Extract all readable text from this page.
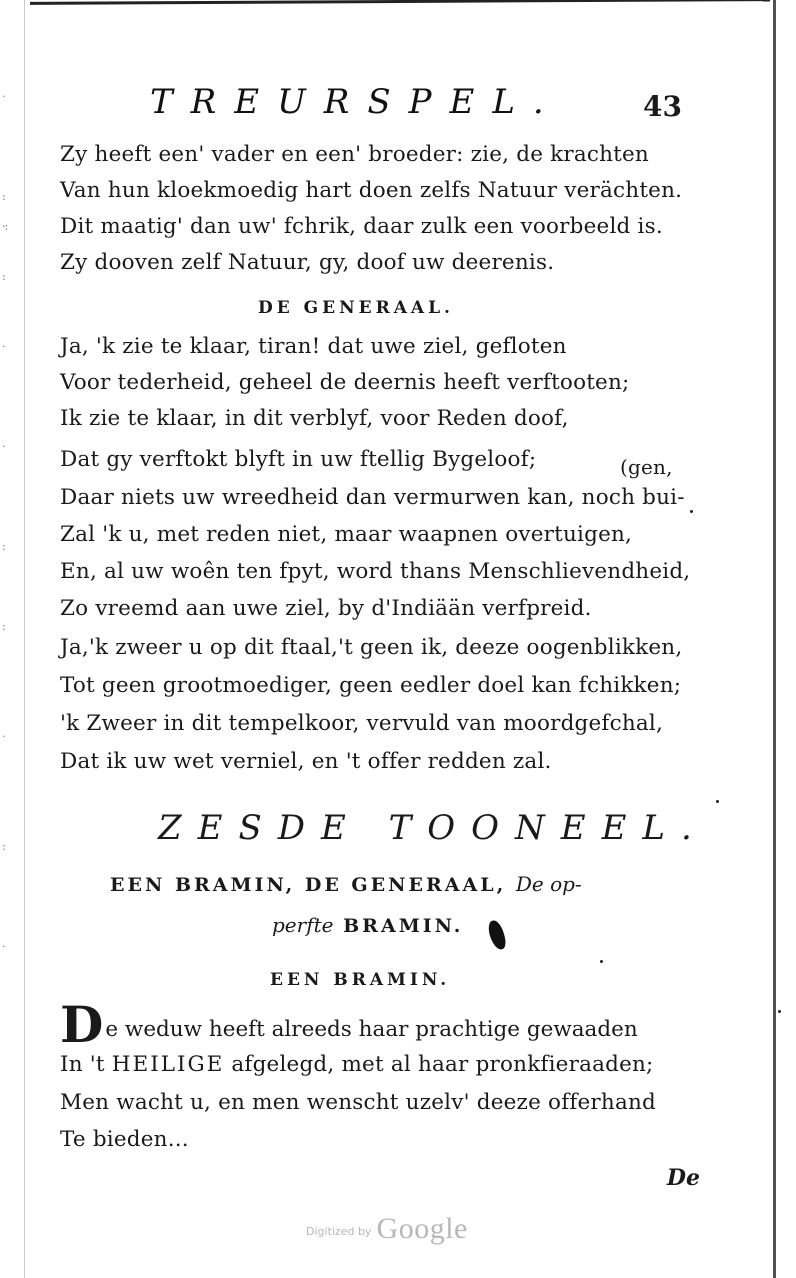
·
:
·:
:
·
·
:
:
·
:
·
TREURSPEL.	43
Zy heeft een' vader en een' broeder: zie, de krachten
Van hun kloekmoedig hart doen zelfs Natuur verächten.
Dit maatig' dan uw' fchrik, daar zulk een voorbeeld is.
Zy dooven zelf Natuur, gy, doof uw deerenis.
DE GENERAAL.
Ja, 'k zie te klaar, tiran! dat uwe ziel, gefloten
Voor tederheid, geheel de deernis heeft verftooten;
Ik zie te klaar, in dit verblyf, voor Reden doof,
Dat gy verftokt blyft in uw ftellig Bygeloof;	(gen,
Daar niets uw wreedheid dan vermurwen kan, noch bui-
Zal 'k u, met reden niet, maar waapnen overtuigen,
En, al uw woên ten fpyt, word thans Menschlievendheid,
Zo vreemd aan uwe ziel, by d'Indiään verfpreid.
Ja,'k zweer u op dit ftaal,'t geen ik, deeze oogenblikken,
Tot geen grootmoediger, geen eedler doel kan fchikken;
'k Zweer in dit tempelkoor, vervuld van moordgefchal,
Dat ik uw wet verniel, en 't offer redden zal.
ZESDE TOONEEL.
EEN BRAMIN, DE GENERAAL, De op-
perfte BRAMIN.
EEN BRAMIN.
De weduw heeft alreeds haar prachtige gewaaden
In 't HEILIGE afgelegd, met al haar pronkfieraaden;
Men wacht u, en men wenscht uzelv' deeze offerhand
Te bieden...
De
Digitized by Google
